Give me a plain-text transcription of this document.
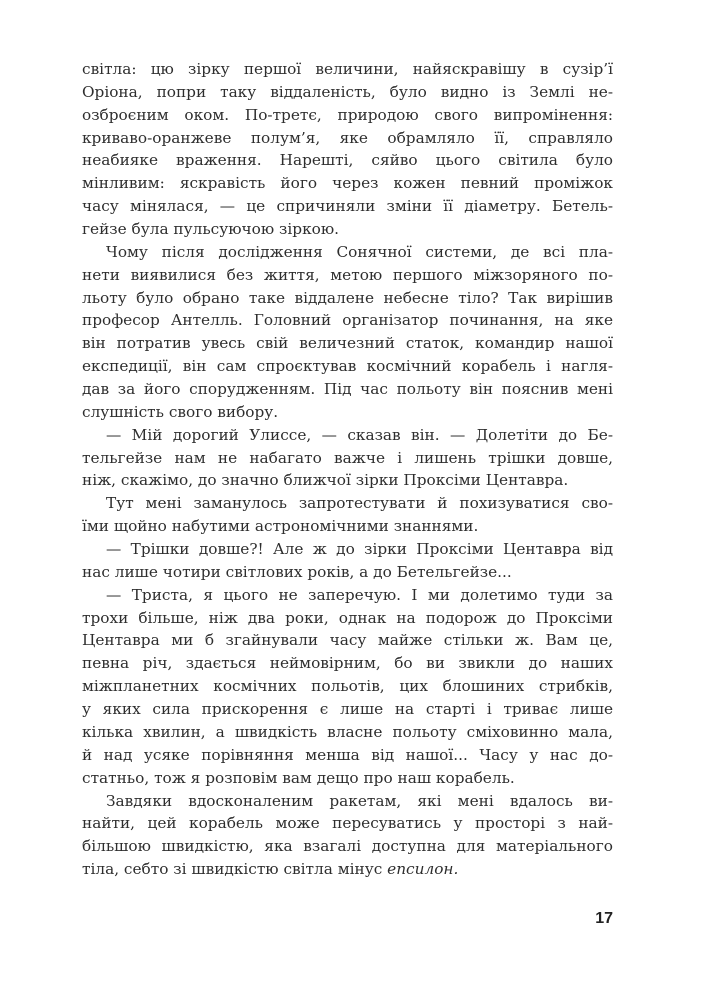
світла: цю зірку першої величини, найяскравішу в сузір’ї
Оріона, попри таку віддаленість, було видно із Землі не-
озброєним оком. По-третє, природою свого випромінення:
криваво-оранжеве полум’я, яке обрамляло її, справляло
неабияке враження. Нарешті, сяйво цього світила було
мінливим: яскравість його через кожен певний проміжок
часу мінялася, — це спричиняли зміни її діаметру. Бетель-
гейзе була пульсуючою зіркою.
Чому після дослідження Сонячної системи, де всі пла-
нети виявилися без життя, метою першого міжзоряного по-
льоту було обрано таке віддалене небесне тіло? Так вирішив
професор Антелль. Головний організатор починання, на яке
він потратив увесь свій величезний статок, командир нашої
експедиції, він сам спроєктував космічний корабель і нагля-
дав за його спорудженням. Під час польоту він пояснив мені
слушність свого вибору.
— Мій дорогий Улиссе, — сказав він. — Долетіти до Бе-
тельгейзе нам не набагато важче і лишень трішки довше,
ніж, скажімо, до значно ближчої зірки Проксіми Центавра.
Тут мені заманулось запротестувати й похизуватися сво-
їми щойно набутими астрономічними знаннями.
— Трішки довше?! Але ж до зірки Проксіми Центавра від
нас лише чотири світлових років, а до Бетельгейзе...
— Триста, я цього не заперечую. І ми долетимо туди за
трохи більше, ніж два роки, однак на подорож до Проксіми
Центавра ми б згайнували часу майже стільки ж. Вам це,
певна річ, здається неймовірним, бо ви звикли до наших
міжпланетних космічних польотів, цих блошиних стрибків,
у яких сила прискорення є лише на старті і триває лише
кілька хвилин, а швидкість власне польоту сміховинно мала,
й над усяке порівняння менша від нашої... Часу у нас до-
статньо, тож я розповім вам дещо про наш корабель.
Завдяки вдосконаленим ракетам, які мені вдалось ви-
найти, цей корабель може пересуватись у просторі з най-
більшою швидкістю, яка взагалі доступна для матеріального
тіла, себто зі швидкістю світла мінус епсилон.
17
